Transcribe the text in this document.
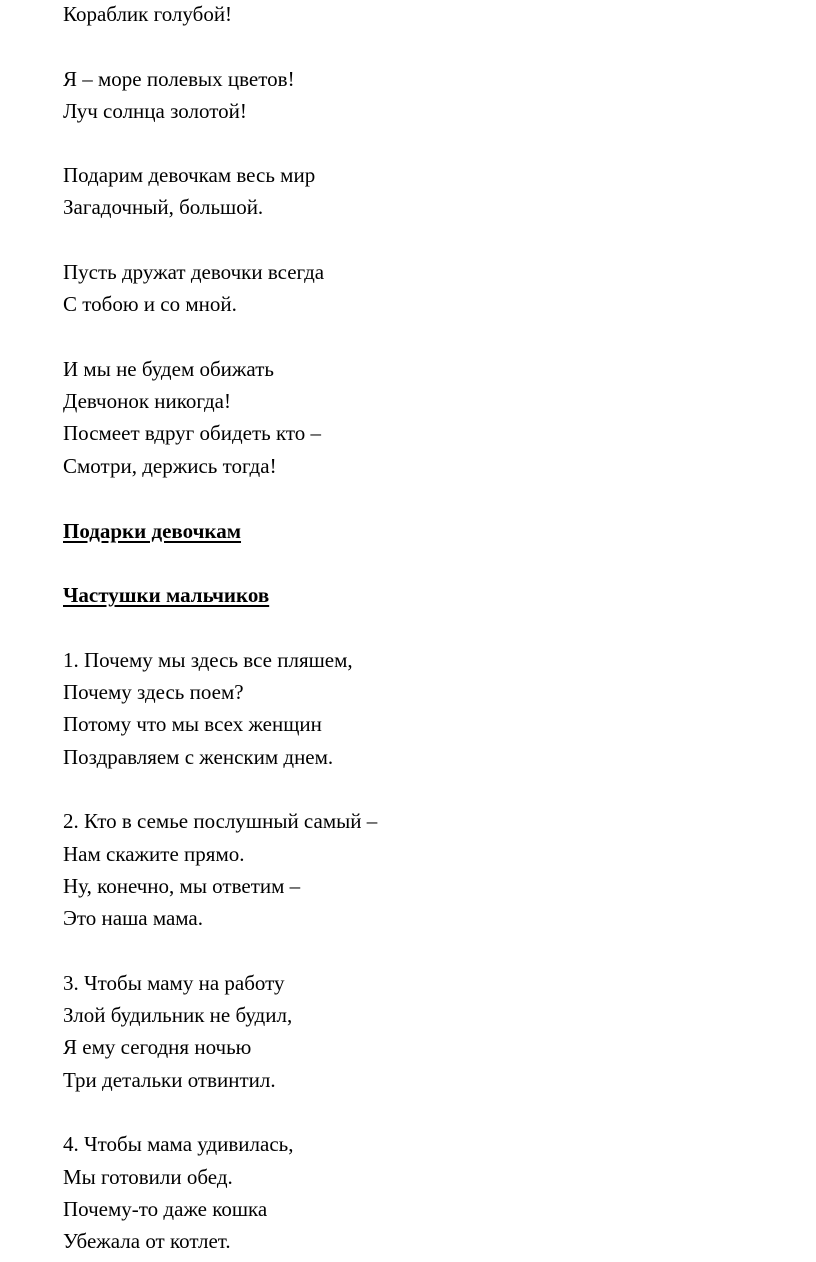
Кораблик голубой!
Я – море полевых цветов!
Луч солнца золотой!
Подарим девочкам весь мир
Загадочный, большой.
Пусть дружат девочки всегда
С тобою и со мной.
И мы не будем обижать
Девчонок никогда!
Посмеет вдруг обидеть кто –
Смотри, держись тогда!
Подарки девочкам
Частушки мальчиков
1. Почему мы здесь все пляшем,
Почему здесь поем?
Потому что мы всех женщин
Поздравляем с женским днем.
2. Кто в семье послушный самый –
Нам скажите прямо.
Ну, конечно, мы ответим –
Это наша мама.
3. Чтобы маму на работу
Злой будильник не будил,
Я ему сегодня ночью
Три детальки отвинтил.
4. Чтобы мама удивилась,
Мы готовили обед.
Почему-то даже кошка
Убежала от котлет.
